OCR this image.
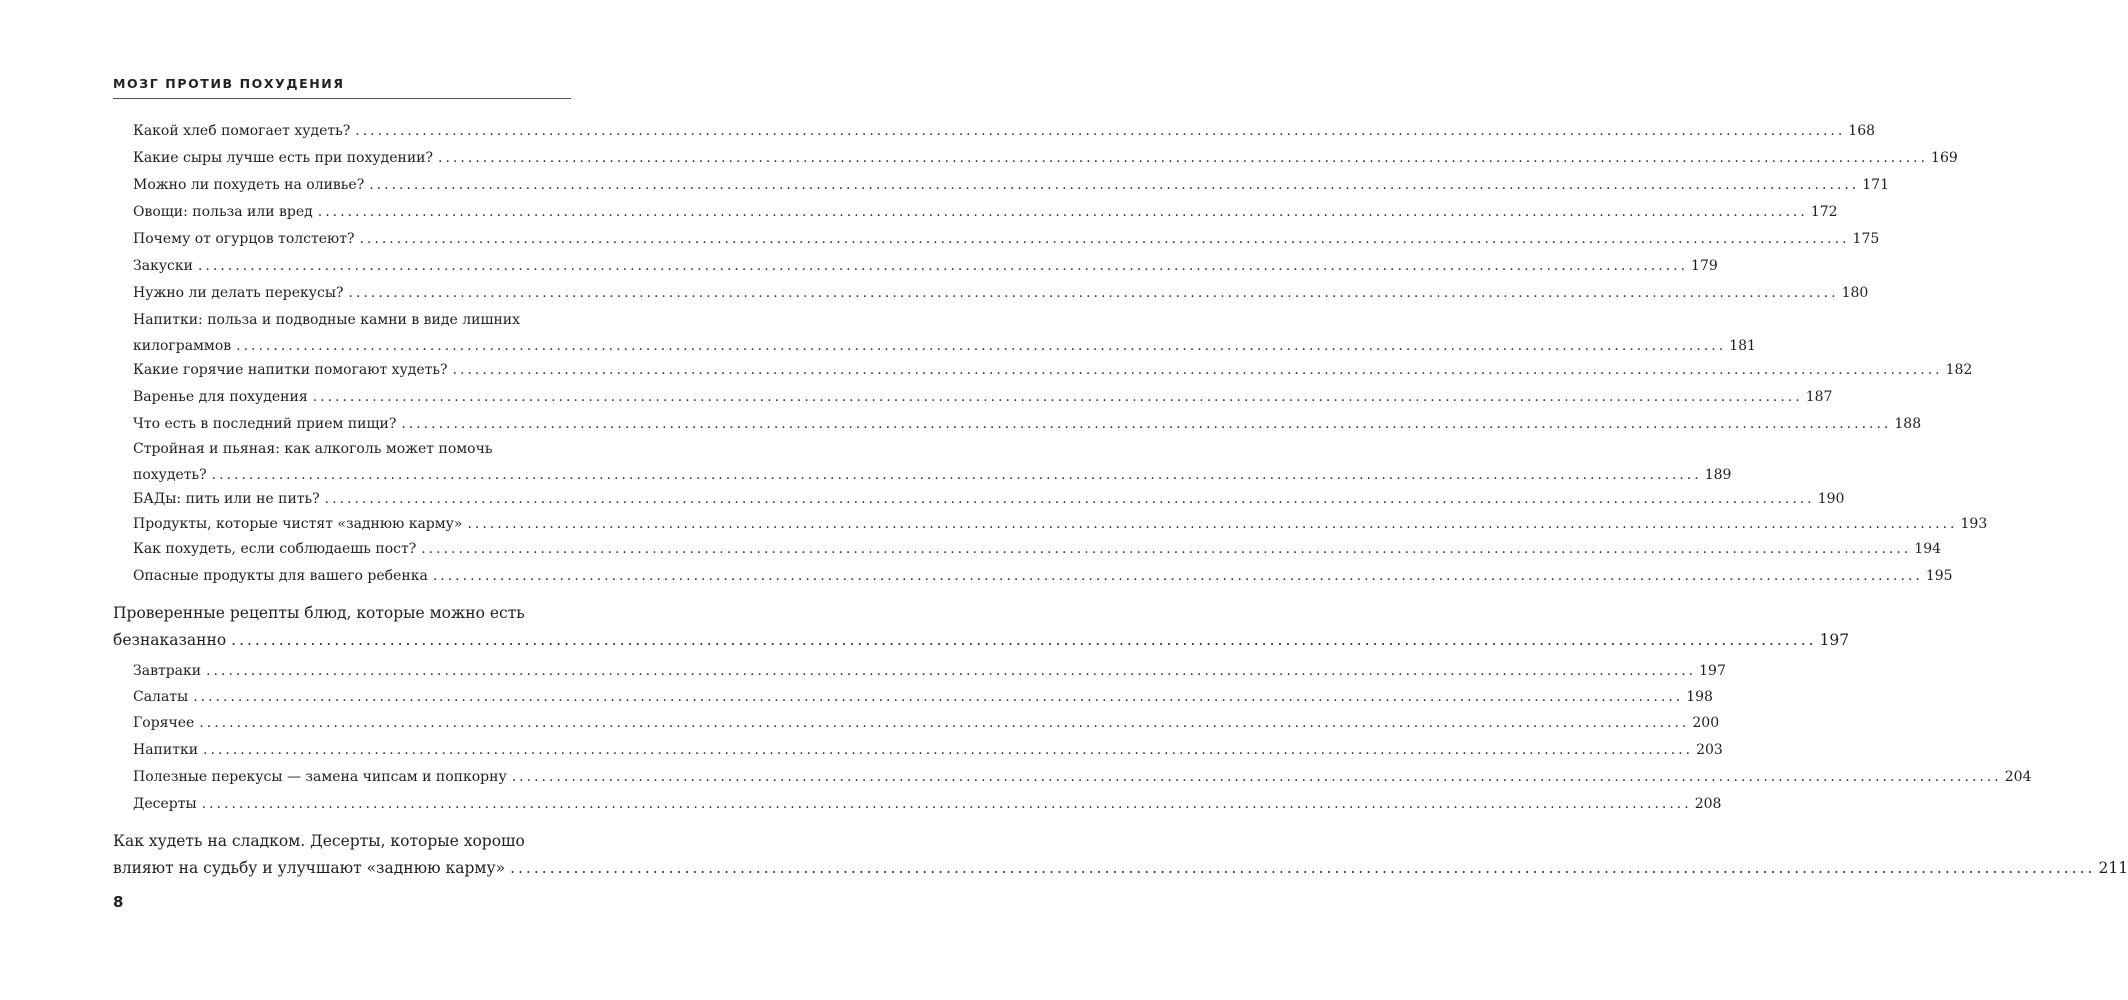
МОЗГ ПРОТИВ ПОХУДЕНИЯ
Какой хлеб помогает худеть? ........................................................................................................................................................................................................ 168
Какие сыры лучше есть при похудении? ........................................................................................................................................................................................................ 169
Можно ли похудеть на оливье? ........................................................................................................................................................................................................ 171
Овощи: польза или вред ........................................................................................................................................................................................................ 172
Почему от огурцов толстеют? ........................................................................................................................................................................................................ 175
Закуски ........................................................................................................................................................................................................ 179
Нужно ли делать перекусы? ........................................................................................................................................................................................................ 180
Напитки: польза и подводные камни в виде лишних
килограммов ........................................................................................................................................................................................................ 181
Какие горячие напитки помогают худеть? ........................................................................................................................................................................................................ 182
Варенье для похудения ........................................................................................................................................................................................................ 187
Что есть в последний прием пищи? ........................................................................................................................................................................................................ 188
Стройная и пьяная: как алкоголь может помочь
похудеть? ........................................................................................................................................................................................................ 189
БАДы: пить или не пить? ........................................................................................................................................................................................................ 190
Продукты, которые чистят «заднюю карму» ........................................................................................................................................................................................................ 193
Как похудеть, если соблюдаешь пост? ........................................................................................................................................................................................................ 194
Опасные продукты для вашего ребенка ........................................................................................................................................................................................................ 195
Проверенные рецепты блюд, которые можно есть
безнаказанно ........................................................................................................................................................................................................ 197
Завтраки ........................................................................................................................................................................................................ 197
Салаты ........................................................................................................................................................................................................ 198
Горячее ........................................................................................................................................................................................................ 200
Напитки ........................................................................................................................................................................................................ 203
Полезные перекусы — замена чипсам и попкорну ........................................................................................................................................................................................................ 204
Десерты ........................................................................................................................................................................................................ 208
Как худеть на сладком. Десерты, которые хорошо
влияют на судьбу и улучшают «заднюю карму» ........................................................................................................................................................................................................ 211
8
